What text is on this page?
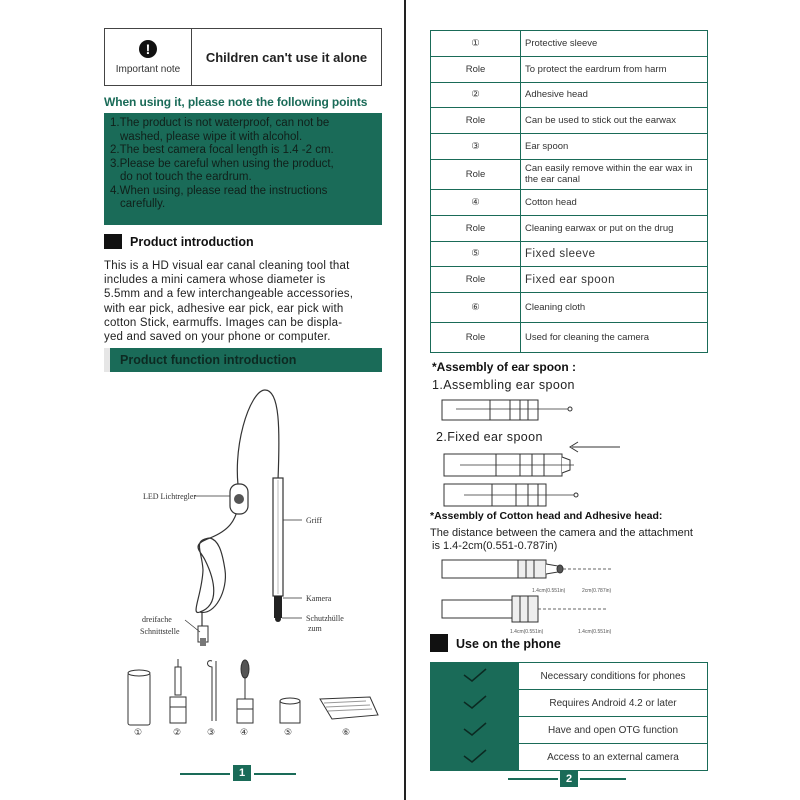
!
Important note
Children can't use it alone
When using it, please note the following points
1.The product is not waterproof, can not be
washed, please wipe it with alcohol.
2.The best camera focal length is 1.4 -2 cm.
3.Please be careful when using the product,
do not touch the eardrum.
4.When using, please read the instructions
carefully.
Product introduction
This is a HD visual ear canal cleaning tool that
includes a mini camera whose diameter is
5.5mm and a few interchangeable accessories,
with ear pick, adhesive ear pick, ear pick with
cotton Stick, earmuffs. Images can be displa-
yed and saved on your phone or computer.
Product function introduction
LED Lichtregler
Griff
Kamera
Schutzhülle
zum
dreifache
Schnittstelle
①	②	③	④	⑤	⑥
1
①	Protective sleeve
Role	To protect the eardrum from harm
②	Adhesive head
Role	Can be used to stick out the earwax
③	Ear spoon
Role	Can easily remove within the ear wax in the ear canal
④	Cotton head
Role	Cleaning earwax or put on the drug
⑤	Fixed sleeve
Role	Fixed ear spoon
⑥	Cleaning cloth
Role	Used for cleaning the camera
*Assembly of ear spoon :
1.Assembling ear spoon
2.Fixed ear spoon
*Assembly of Cotton head and Adhesive head:
The distance between the camera and the attachment
is 1.4-2cm(0.551-0.787in)
1.4cm(0.551in)	2cm(0.787in)
1.4cm(0.551in)	1.4cm(0.551in)
Use on the phone
	Necessary conditions for phones
	Requires Android 4.2 or later
	Have and open OTG function
	Access to an external camera
2
